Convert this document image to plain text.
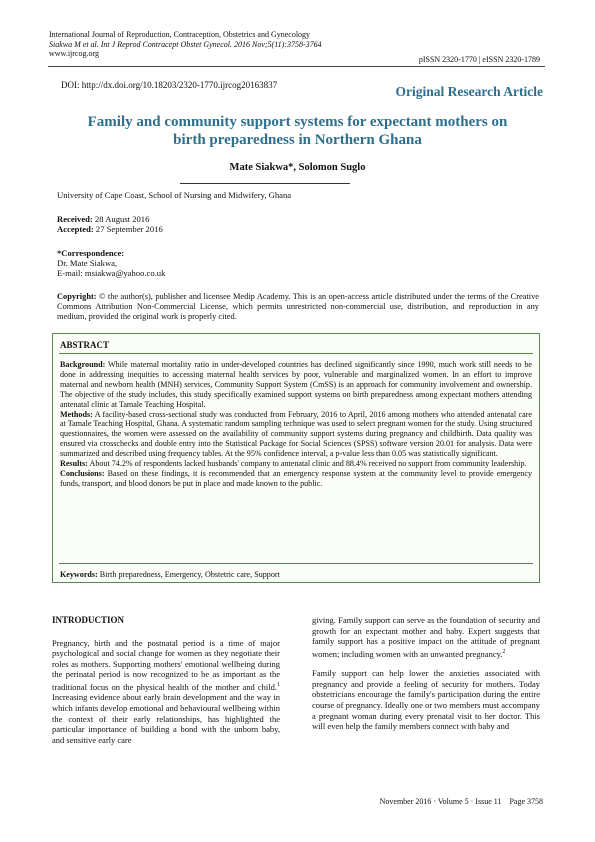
International Journal of Reproduction, Contraception, Obstetrics and Gynecology
Siakwa M et al. Int J Reprod Contracept Obstet Gynecol. 2016 Nov;5(11):3758-3764
www.ijrcog.org
pISSN 2320-1770 | eISSN 2320-1789
DOI: http://dx.doi.org/10.18203/2320-1770.ijrcog20163837	Original Research Article
Family and community support systems for expectant mothers on birth preparedness in Northern Ghana
Mate Siakwa*, Solomon Suglo
University of Cape Coast, School of Nursing and Midwifery, Ghana
Received: 28 August 2016
Accepted: 27 September 2016
*Correspondence:
Dr. Mate Siakwa,
E-mail: msiakwa@yahoo.co.uk
Copyright: © the author(s), publisher and licensee Medip Academy. This is an open-access article distributed under the terms of the Creative Commons Attribution Non-Commercial License, which permits unrestricted non-commercial use, distribution, and reproduction in any medium, provided the original work is properly cited.
ABSTRACT

Background: While maternal mortality ratio in under-developed countries has declined significantly since 1990, much work still needs to be done in addressing inequities to accessing maternal health services by poor, vulnerable and marginalized women. In an effort to improve maternal and newborn health (MNH) services, Community Support System (CmSS) is an approach for community involvement and ownership. The objective of the study includes, this study specifically examined support systems on birth preparedness among expectant mothers attending antenatal clinic at Tamale Teaching Hospital.

Methods: A facility-based cross-sectional study was conducted from February, 2016 to April, 2016 among mothers who attended antenatal care at Tamale Teaching Hospital, Ghana. A systematic random sampling technique was used to select pregnant women for the study. Using structured questionnaires, the women were assessed on the availability of community support systems during pregnancy and childbirth. Data quality was ensured via crosschecks and double entry into the Statistical Package for Social Sciences (SPSS) software version 20.01 for analysis. Data were summarized and described using frequency tables. At the 95% confidence interval, a p-value less than 0.05 was statistically significant.

Results: About 74.2% of respondents lacked husbands' company to antenatal clinic and 88.4% received no support from community leadership.

Conclusions: Based on these findings, it is recommended that an emergency response system at the community level to provide emergency funds, transport, and blood donors be put in place and made known to the public.

Keywords: Birth preparedness, Emergency, Obstetric care, Support
INTRODUCTION

Pregnancy, birth and the postnatal period is a time of major psychological and social change for women as they negotiate their roles as mothers. Supporting mothers' emotional wellbeing during the perinatal period is now recognized to be as important as the traditional focus on the physical health of the mother and child.$^1$ Increasing evidence about early brain development and the way in which infants develop emotional and behavioural wellbeing within the context of their early relationships, has highlighted the particular importance of building a bond with the unborn baby, and sensitive early care

giving. Family support can serve as the foundation of security and growth for an expectant mother and baby. Expert suggests that family support has a positive impact on the attitude of pregnant women; including women with an unwanted pregnancy.$^2$

Family support can help lower the anxieties associated with pregnancy and provide a feeling of security for mothers. Today obstetricians encourage the family's participation during the entire course of pregnancy. Ideally one or two members must accompany a pregnant woman during every prenatal visit to her doctor. This will even help the family members connect with baby and

November 2016 · Volume 5 · Issue 11    Page 3758
